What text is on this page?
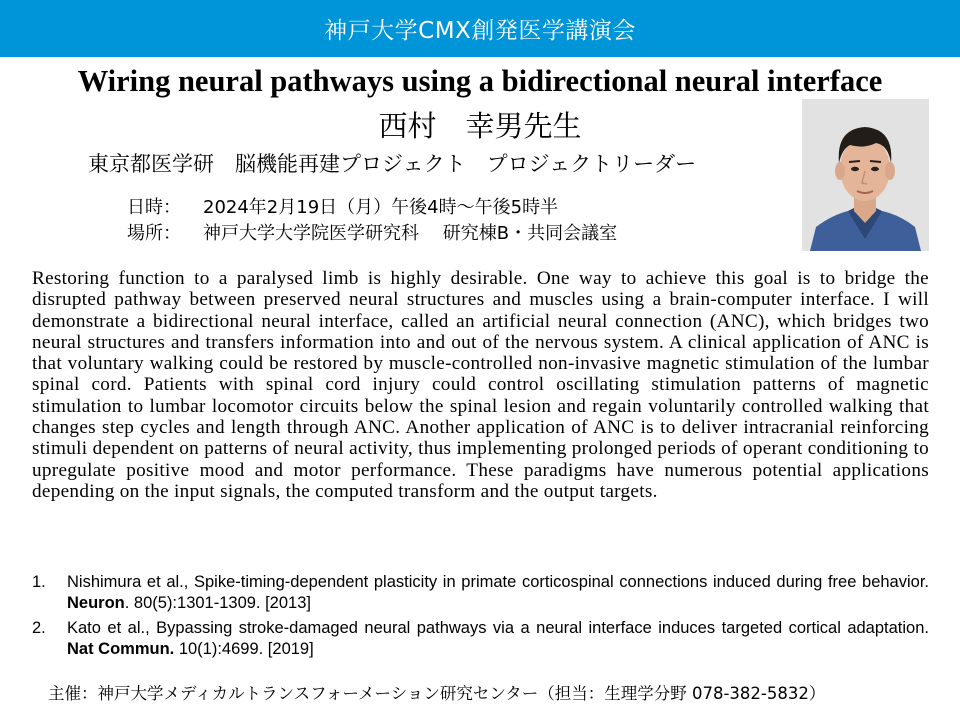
神戸大学CMX創発医学講演会
Wiring neural pathways using a bidirectional neural interface
西村　幸男先生
東京都医学研　脳機能再建プロジェクト　プロジェクトリーダー
日時： 2024年2月19日（月）午後4時～午後5時半
場所： 神戸大学大学院医学研究科　 研究棟B・共同会議室
Restoring function to a paralysed limb is highly desirable. One way to achieve this goal is to bridge the disrupted pathway between preserved neural structures and muscles using a brain-computer interface. I will demonstrate a bidirectional neural interface, called an artificial neural connection (ANC), which bridges two neural structures and transfers information into and out of the nervous system. A clinical application of ANC is that voluntary walking could be restored by muscle-controlled non-invasive magnetic stimulation of the lumbar spinal cord. Patients with spinal cord injury could control oscillating stimulation patterns of magnetic stimulation to lumbar locomotor circuits below the spinal lesion and regain voluntarily controlled walking that changes step cycles and length through ANC. Another application of ANC is to deliver intracranial reinforcing stimuli dependent on patterns of neural activity, thus implementing prolonged periods of operant conditioning to upregulate positive mood and motor performance. These paradigms have numerous potential applications depending on the input signals, the computed transform and the output targets.
1. Nishimura et al., Spike-timing-dependent plasticity in primate corticospinal connections induced during free behavior. Neuron. 80(5):1301-1309. [2013]
2. Kato et al., Bypassing stroke-damaged neural pathways via a neural interface induces targeted cortical adaptation. Nat Commun. 10(1):4699. [2019]
主催：神戸大学メディカルトランスフォーメーション研究センター（担当：生理学分野 078-382-5832）
